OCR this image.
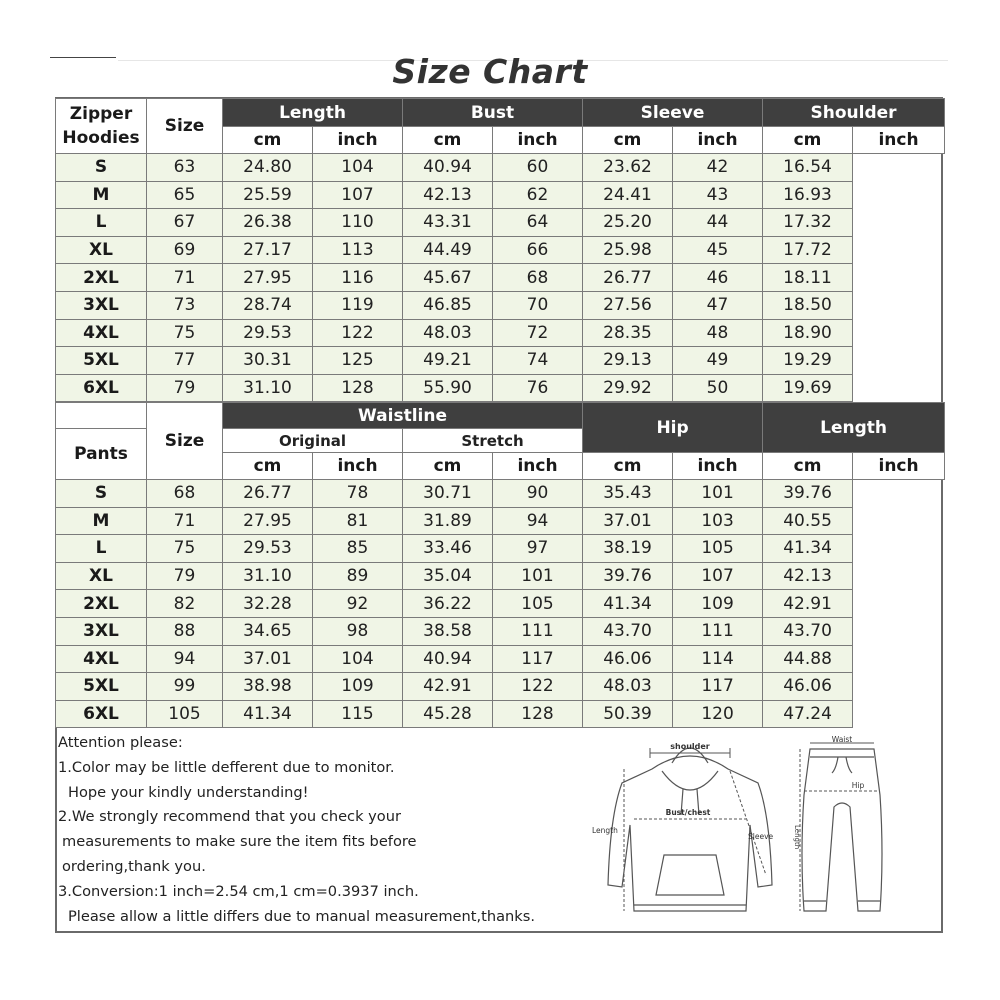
Size Chart
Zipper
Hoodies	Size	Length		Bust		Sleeve		Shoulder	
		cm	inch	cm	inch	cm	inch	cm	inch
S	63	24.80	104	40.94	60	23.62	42	16.54	
M	65	25.59	107	42.13	62	24.41	43	16.93	
L	67	26.38	110	43.31	64	25.20	44	17.32	
XL	69	27.17	113	44.49	66	25.98	45	17.72	
2XL	71	27.95	116	45.67	68	26.77	46	18.11	
3XL	73	28.74	119	46.85	70	27.56	47	18.50	
4XL	75	29.53	122	48.03	72	28.35	48	18.90	
5XL	77	30.31	125	49.21	74	29.13	49	19.29	
6XL	79	31.10	128	55.90	76	29.92	50	19.69	
	Size	Waistline				Hip		Length	
Pants		Original		Stretch					
		cm	inch	cm	inch	cm	inch	cm	inch
S	68	26.77	78	30.71	90	35.43	101	39.76	
M	71	27.95	81	31.89	94	37.01	103	40.55	
L	75	29.53	85	33.46	97	38.19	105	41.34	
XL	79	31.10	89	35.04	101	39.76	107	42.13	
2XL	82	32.28	92	36.22	105	41.34	109	42.91	
3XL	88	34.65	98	38.58	111	43.70	111	43.70	
4XL	94	37.01	104	40.94	117	46.06	114	44.88	
5XL	99	38.98	109	42.91	122	48.03	117	46.06	
6XL	105	41.34	115	45.28	128	50.39	120	47.24	
Attention please:
1.Color may be little defferent due to monitor.
Hope your kindly understanding!
2.We strongly recommend that you check your
measurements to make sure the item fits before
ordering,thank you.
3.Conversion:1 inch=2.54 cm,1 cm=0.3937 inch.
Please allow a little differs due to manual measurement,thanks.
shoulder
Bust/chest
Length
Sleeve
Waist
Hip
Length
